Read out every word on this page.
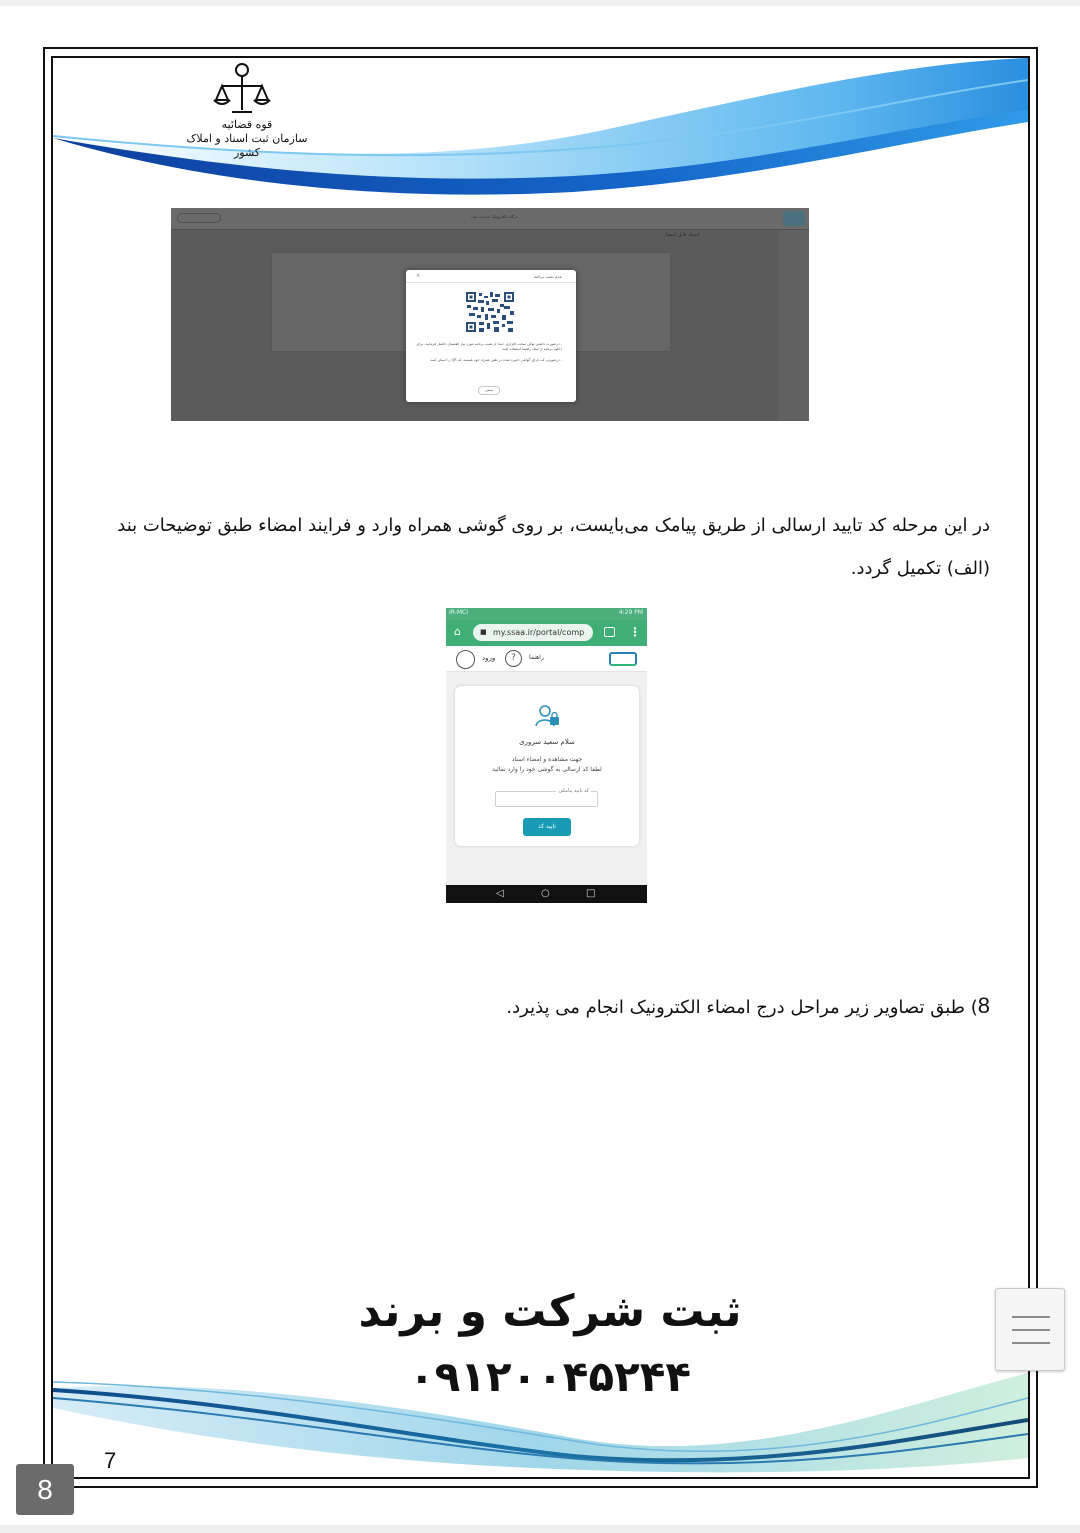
قوه قضائیه
سازمان ثبت اسناد و املاک کشور
درگاه الکترونیک خدمات ثبت
اسناد قابل امضا
عدم نصب برنامه
×
- درصورت داشتن توکن سخت افزاری، ابتدا از نصب برنامه مورد نیاز اطمینان حاصل فرمایید. برای دانلود برنامه از لینک راهنما استفاده کنید.
- درصورتی که دارای گواهی ذخیره شده در تلفن همراه خود هستید، کد QR را اسکن کنید.
بستن
در این مرحله کد تایید ارسالی از طریق پیامک می‌بایست، بر روی گوشی همراه وارد و فرایند امضاء طبق توضیحات بند (الف) تکمیل گردد.
IR-MCI	4:29 PM
⌂	■ my.ssaa.ir/portal/comp	⋮
ورود	?	راهنما
سلام سعید سروری
جهت مشاهده و امضاء اسناد
لطفا کد ارسالی به گوشی خود را وارد نمائید
کد تایید پیامکی
تایید کد
◁	○	□
8) طبق تصاویر زیر مراحل درج امضاء الکترونیک انجام می پذیرد.
ثبت شرکت و برند
۰۹۱۲۰۰۴۵۲۴۴
7
8
